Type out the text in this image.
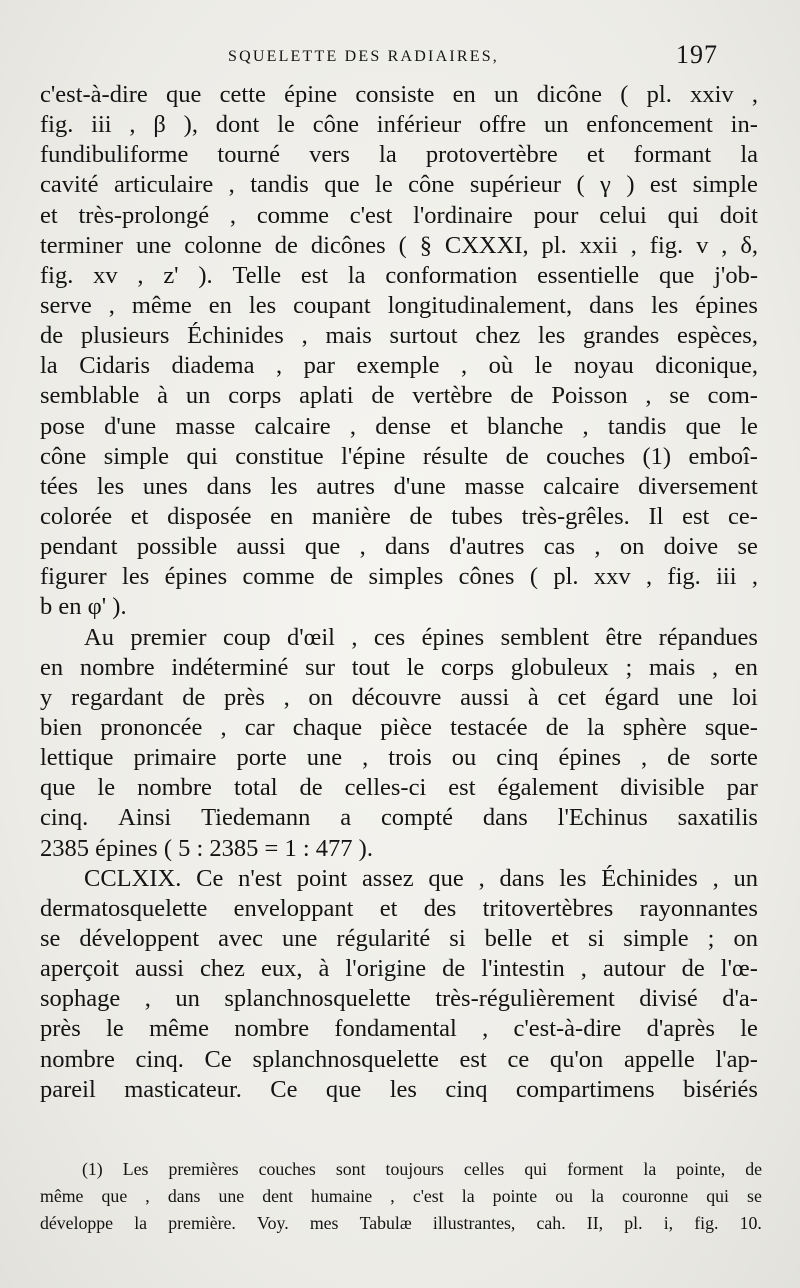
SQUELETTE DES RADIAIRES,	197
c'est-à-dire que cette épine consiste en un dicône ( pl. xxiv ,
fig. iii , β ), dont le cône inférieur offre un enfoncement in-
fundibuliforme tourné vers la protovertèbre et formant la
cavité articulaire , tandis que le cône supérieur ( γ ) est simple
et très-prolongé , comme c'est l'ordinaire pour celui qui doit
terminer une colonne de dicônes ( § CXXXI, pl. xxii , fig. v , δ,
fig. xv , z' ). Telle est la conformation essentielle que j'ob-
serve , même en les coupant longitudinalement, dans les épines
de plusieurs Échinides , mais surtout chez les grandes espèces,
la Cidaris diadema , par exemple , où le noyau diconique,
semblable à un corps aplati de vertèbre de Poisson , se com-
pose d'une masse calcaire , dense et blanche , tandis que le
cône simple qui constitue l'épine résulte de couches (1) emboî-
tées les unes dans les autres d'une masse calcaire diversement
colorée et disposée en manière de tubes très-grêles. Il est ce-
pendant possible aussi que , dans d'autres cas , on doive se
figurer les épines comme de simples cônes ( pl. xxv , fig. iii ,
b en φ' ).
Au premier coup d'œil , ces épines semblent être répandues
en nombre indéterminé sur tout le corps globuleux ; mais , en
y regardant de près , on découvre aussi à cet égard une loi
bien prononcée , car chaque pièce testacée de la sphère sque-
lettique primaire porte une , trois ou cinq épines , de sorte
que le nombre total de celles-ci est également divisible par
cinq. Ainsi Tiedemann a compté dans l'Echinus saxatilis
2385 épines ( 5 : 2385 = 1 : 477 ).
CCLXIX. Ce n'est point assez que , dans les Échinides , un
dermatosquelette enveloppant et des tritovertèbres rayonnantes
se développent avec une régularité si belle et si simple ; on
aperçoit aussi chez eux, à l'origine de l'intestin , autour de l'œ-
sophage , un splanchnosquelette très-régulièrement divisé d'a-
près le même nombre fondamental , c'est-à-dire d'après le
nombre cinq. Ce splanchnosquelette est ce qu'on appelle l'ap-
pareil masticateur. Ce que les cinq compartimens bisériés
(1) Les premières couches sont toujours celles qui forment la pointe, de
même que , dans une dent humaine , c'est la pointe ou la couronne qui se
développe la première. Voy. mes Tabulæ illustrantes, cah. II, pl. i, fig. 10.
